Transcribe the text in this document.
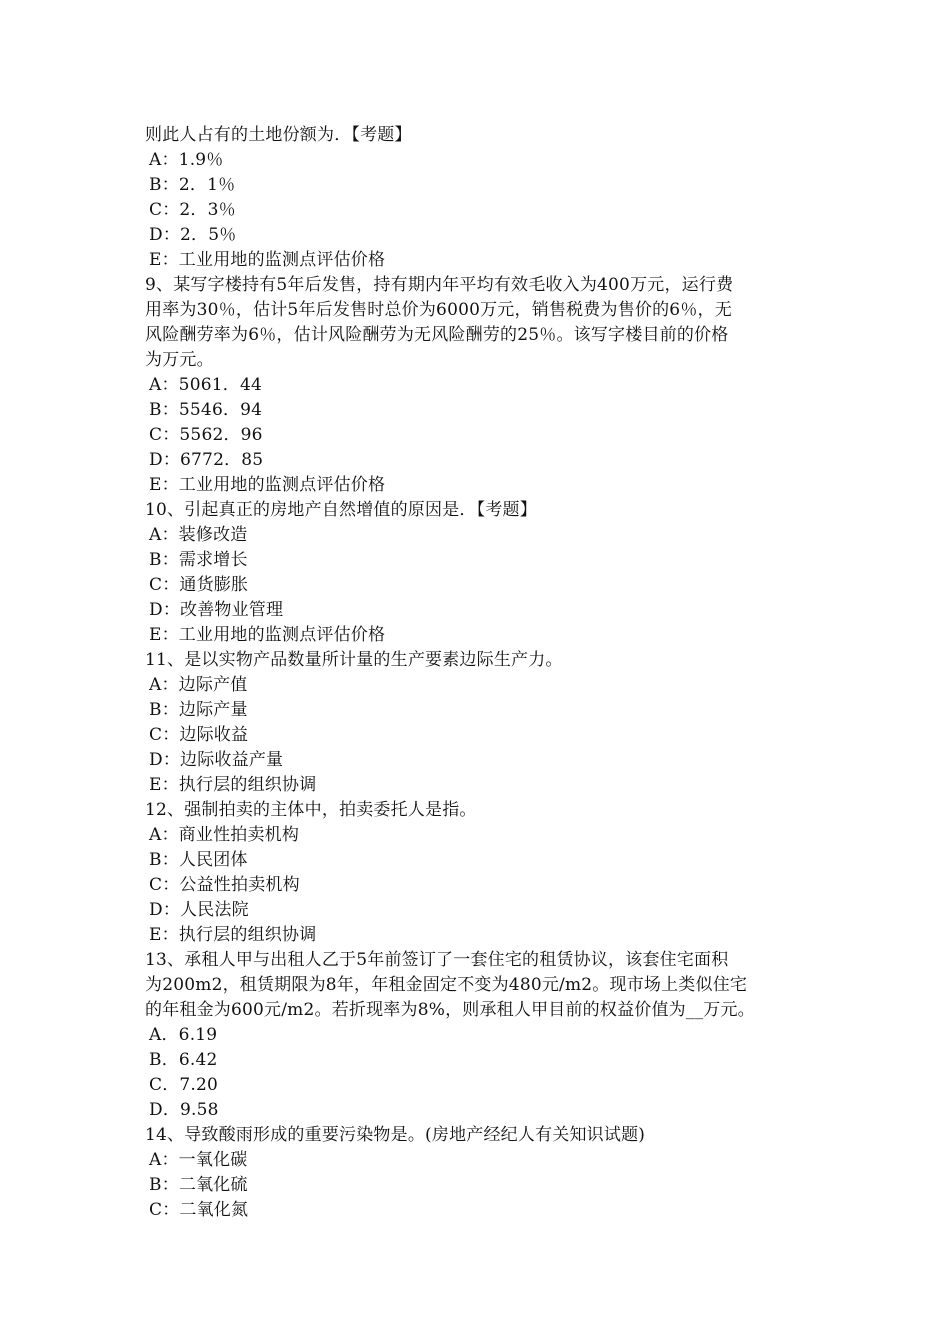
则此人占有的土地份额为．【考题】
A：1.9％
B：2．1％
C：2．3％
D：2．5％
E：工业用地的监测点评估价格
9、某写字楼持有5年后发售，持有期内年平均有效毛收入为400万元，运行费
用率为30％，估计5年后发售时总价为6000万元，销售税费为售价的6％，无
风险酬劳率为6％，估计风险酬劳为无风险酬劳的25％。该写字楼目前的价格
为万元。
A：5061．44
B：5546．94
C：5562．96
D：6772．85
E：工业用地的监测点评估价格
10、引起真正的房地产自然增值的原因是．【考题】
A：装修改造
B：需求增长
C：通货膨胀
D：改善物业管理
E：工业用地的监测点评估价格
11、是以实物产品数量所计量的生产要素边际生产力。
A：边际产值
B：边际产量
C：边际收益
D：边际收益产量
E：执行层的组织协调
12、强制拍卖的主体中，拍卖委托人是指。
A：商业性拍卖机构
B：人民团体
C：公益性拍卖机构
D：人民法院
E：执行层的组织协调
13、承租人甲与出租人乙于5年前签订了一套住宅的租赁协议，该套住宅面积
为200m2，租赁期限为8年，年租金固定不变为480元/m2。现市场上类似住宅
的年租金为600元/m2。若折现率为8%，则承租人甲目前的权益价值为__万元。
A．6.19
B．6.42
C．7.20
D．9.58
14、导致酸雨形成的重要污染物是。(房地产经纪人有关知识试题)
A：一氧化碳
B：二氧化硫
C：二氧化氮
